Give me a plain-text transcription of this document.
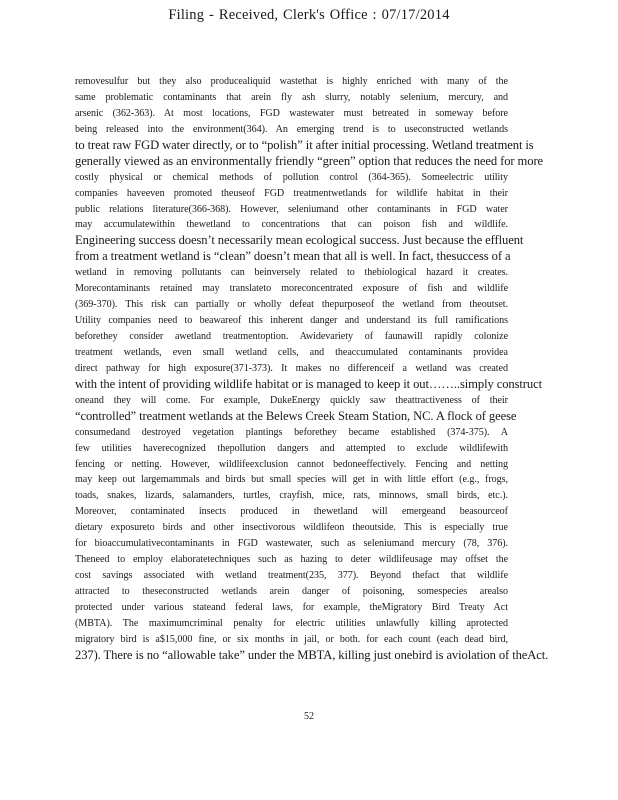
Filing - Received, Clerk's Office : 07/17/2014
removesulfur but they also producealiquid wastethat is highly enriched with many of the
same problematic contaminants that arein fly ash slurry, notably selenium, mercury, and
arsenic (362-363). At most locations, FGD wastewater must betreated in someway before
being released into the environment(364). An emerging trend is to useconstructed wetlands
to treat raw FGD water directly, or to “polish” it after initial processing. Wetland treatment is
generally viewed as an environmentally friendly “green” option that reduces the need for more
costly physical or chemical methods of pollution control (364-365). Someelectric utility
companies haveeven promoted theuseof FGD treatmentwetlands for wildlife habitat in their
public relations literature(366-368). However, seleniumand other contaminants in FGD water
may accumulatewithin thewetland to concentrations that can poison fish and wildlife.
Engineering success doesn’t necessarily mean ecological success. Just because the effluent
from a treatment wetland is “clean” doesn’t mean that all is well. In fact, thesuccess of a
wetland in removing pollutants can beinversely related to thebiological hazard it creates.
Morecontaminants retained may translateto moreconcentrated exposure of fish and wildlife
(369-370). This risk can partially or wholly defeat thepurposeof the wetland from theoutset.
Utility companies need to beawareof this inherent danger and understand its full ramifications
beforethey consider awetland treatmentoption. Awidevariety of faunawill rapidly colonize
treatment wetlands, even small wetland cells, and theaccumulated contaminants providea
direct pathway for high exposure(371-373). It makes no differenceif a wetland was created
with the intent of providing wildlife habitat or is managed to keep it out……..simply construct
oneand they will come. For example, DukeEnergy quickly saw theattractiveness of their
“controlled” treatment wetlands at the Belews Creek Steam Station, NC. A flock of geese
consumedand destroyed vegetation plantings beforethey became established (374-375). A
few utilities haverecognized thepollution dangers and attempted to exclude wildlifewith
fencing or netting. However, wildlifeexclusion cannot bedoneeffectively. Fencing and netting
may keep out largemammals and birds but small species will get in with little effort (e.g., frogs,
toads, snakes, lizards, salamanders, turtles, crayfish, mice, rats, minnows, small birds, etc.).
Moreover, contaminated insects produced in thewetland will emergeand beasourceof
dietary exposureto birds and other insectivorous wildlifeon theoutside. This is especially true
for bioaccumulativecontaminants in FGD wastewater, such as seleniumand mercury (78, 376).
Theneed to employ elaboratetechniques such as hazing to deter wildlifeusage may offset the
cost savings associated with wetland treatment(235, 377). Beyond thefact that wildlife
attracted to theseconstructed wetlands arein danger of poisoning, somespecies arealso
protected under various stateand federal laws, for example, theMigratory Bird Treaty Act
(MBTA). The maximumcriminal penalty for electric utilities unlawfully killing aprotected
migratory bird is a$15,000 fine, or six months in jail, or both. for each count (each dead bird,
237). There is no “allowable take” under the MBTA, killing just onebird is aviolation of theAct.
52
